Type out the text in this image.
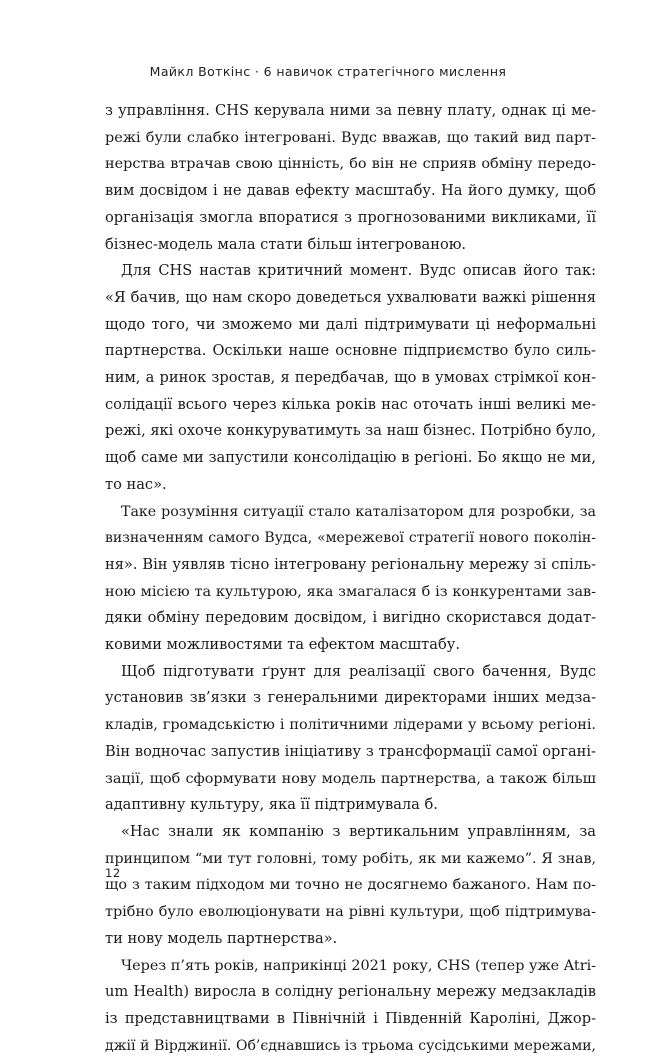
Майкл Воткінс · 6 навичок стратегічного мислення
з управління. CHS керувала ними за певну плату, однак ці ме-
режі були слабко інтегровані. Вудс вважав, що такий вид парт-
нерства втрачав свою цінність, бо він не сприяв обміну передо-
вим досвідом і не давав ефекту масштабу. На його думку, щоб
організація змогла впоратися з прогнозованими викликами, її
бізнес-модель мала стати більш інтегрованою.
Для CHS настав критичний момент. Вудс описав його так:
«Я бачив, що нам скоро доведеться ухвалювати важкі рішення
щодо того, чи зможемо ми далі підтримувати ці неформальні
партнерства. Оскільки наше основне підприємство було силь-
ним, а ринок зростав, я передбачав, що в умовах стрімкої кон-
солідації всього через кілька років нас оточать інші великі ме-
режі, які охоче конкуруватимуть за наш бізнес. Потрібно було,
щоб саме ми запустили консолідацію в регіоні. Бо якщо не ми,
то нас».
Таке розуміння ситуації стало каталізатором для розробки, за
визначенням самого Вудса, «мережевої стратегії нового поколін-
ня». Він уявляв тісно інтегровану регіональну мережу зі спіль-
ною місією та культурою, яка змагалася б із конкурентами зав-
дяки обміну передовим досвідом, і вигідно скористався додат-
ковими можливостями та ефектом масштабу.
Щоб підготувати ґрунт для реалізації свого бачення, Вудс
установив зв’язки з генеральними директорами інших медза-
кладів, громадськістю і політичними лідерами у всьому регіоні.
Він водночас запустив ініціативу з трансформації самої органі-
зації, щоб сформувати нову модель партнерства, а також більш
адаптивну культуру, яка її підтримувала б.
«Нас знали як компанію з вертикальним управлінням, за
принципом “ми тут головні, тому робіть, як ми кажемо”. Я знав,
що з таким підходом ми точно не досягнемо бажаного. Нам по-
трібно було еволюціонувати на рівні культури, щоб підтримува-
ти нову модель партнерства».
Через п’ять років, наприкінці 2021 року, CHS (тепер уже Atri-
um Health) виросла в солідну регіональну мережу медзакладів
із представництвами в Північній і Південній Кароліні, Джор-
джії й Вірджинії. Об’єднавшись із трьома сусідськими мережами,
12
